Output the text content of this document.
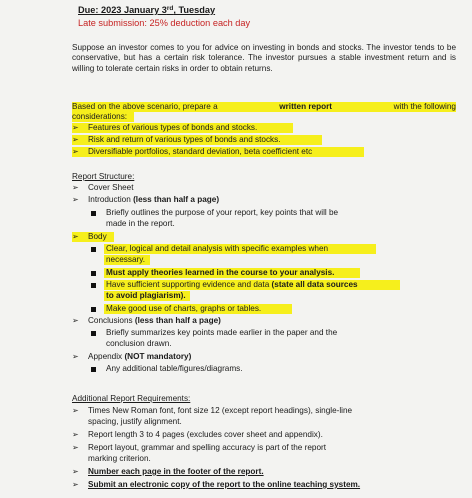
Due: 2023 January 3rd, Tuesday
Late submission: 25% deduction each day
Suppose an investor comes to you for advice on investing in bonds and stocks. The investor tends to be conservative, but has a certain risk tolerance. The investor pursues a stable investment return and is willing to tolerate certain risks in order to obtain returns.
Based on the above scenario, prepare a	written report	with the following
considerations:
➢ Features of various types of bonds and stocks.
➢ Risk and return of various types of bonds and stocks.
➢ Diversifiable portfolios, standard deviation, beta coefficient etc
Report Structure:
➢ Cover Sheet
➢ Introduction (less than half a page)
Briefly outlines the purpose of your report, key points that will be
made in the report.
➢ Body
Clear, logical and detail analysis with specific examples when
necessary.
Must apply theories learned in the course to your analysis.
Have sufficient supporting evidence and data (state all data sources
to avoid plagiarism).
Make good use of charts, graphs or tables.
➢ Conclusions (less than half a page)
Briefly summarizes key points made earlier in the paper and the
conclusion drawn.
➢ Appendix (NOT mandatory)
Any additional table/figures/diagrams.
Additional Report Requirements:
➢ Times New Roman font, font size 12 (except report headings), single-line
spacing, justify alignment.
➢ Report length 3 to 4 pages (excludes cover sheet and appendix).
➢ Report layout, grammar and spelling accuracy is part of the report
marking criterion.
➢ Number each page in the footer of the report.
➢ Submit an electronic copy of the report to the online teaching system.
